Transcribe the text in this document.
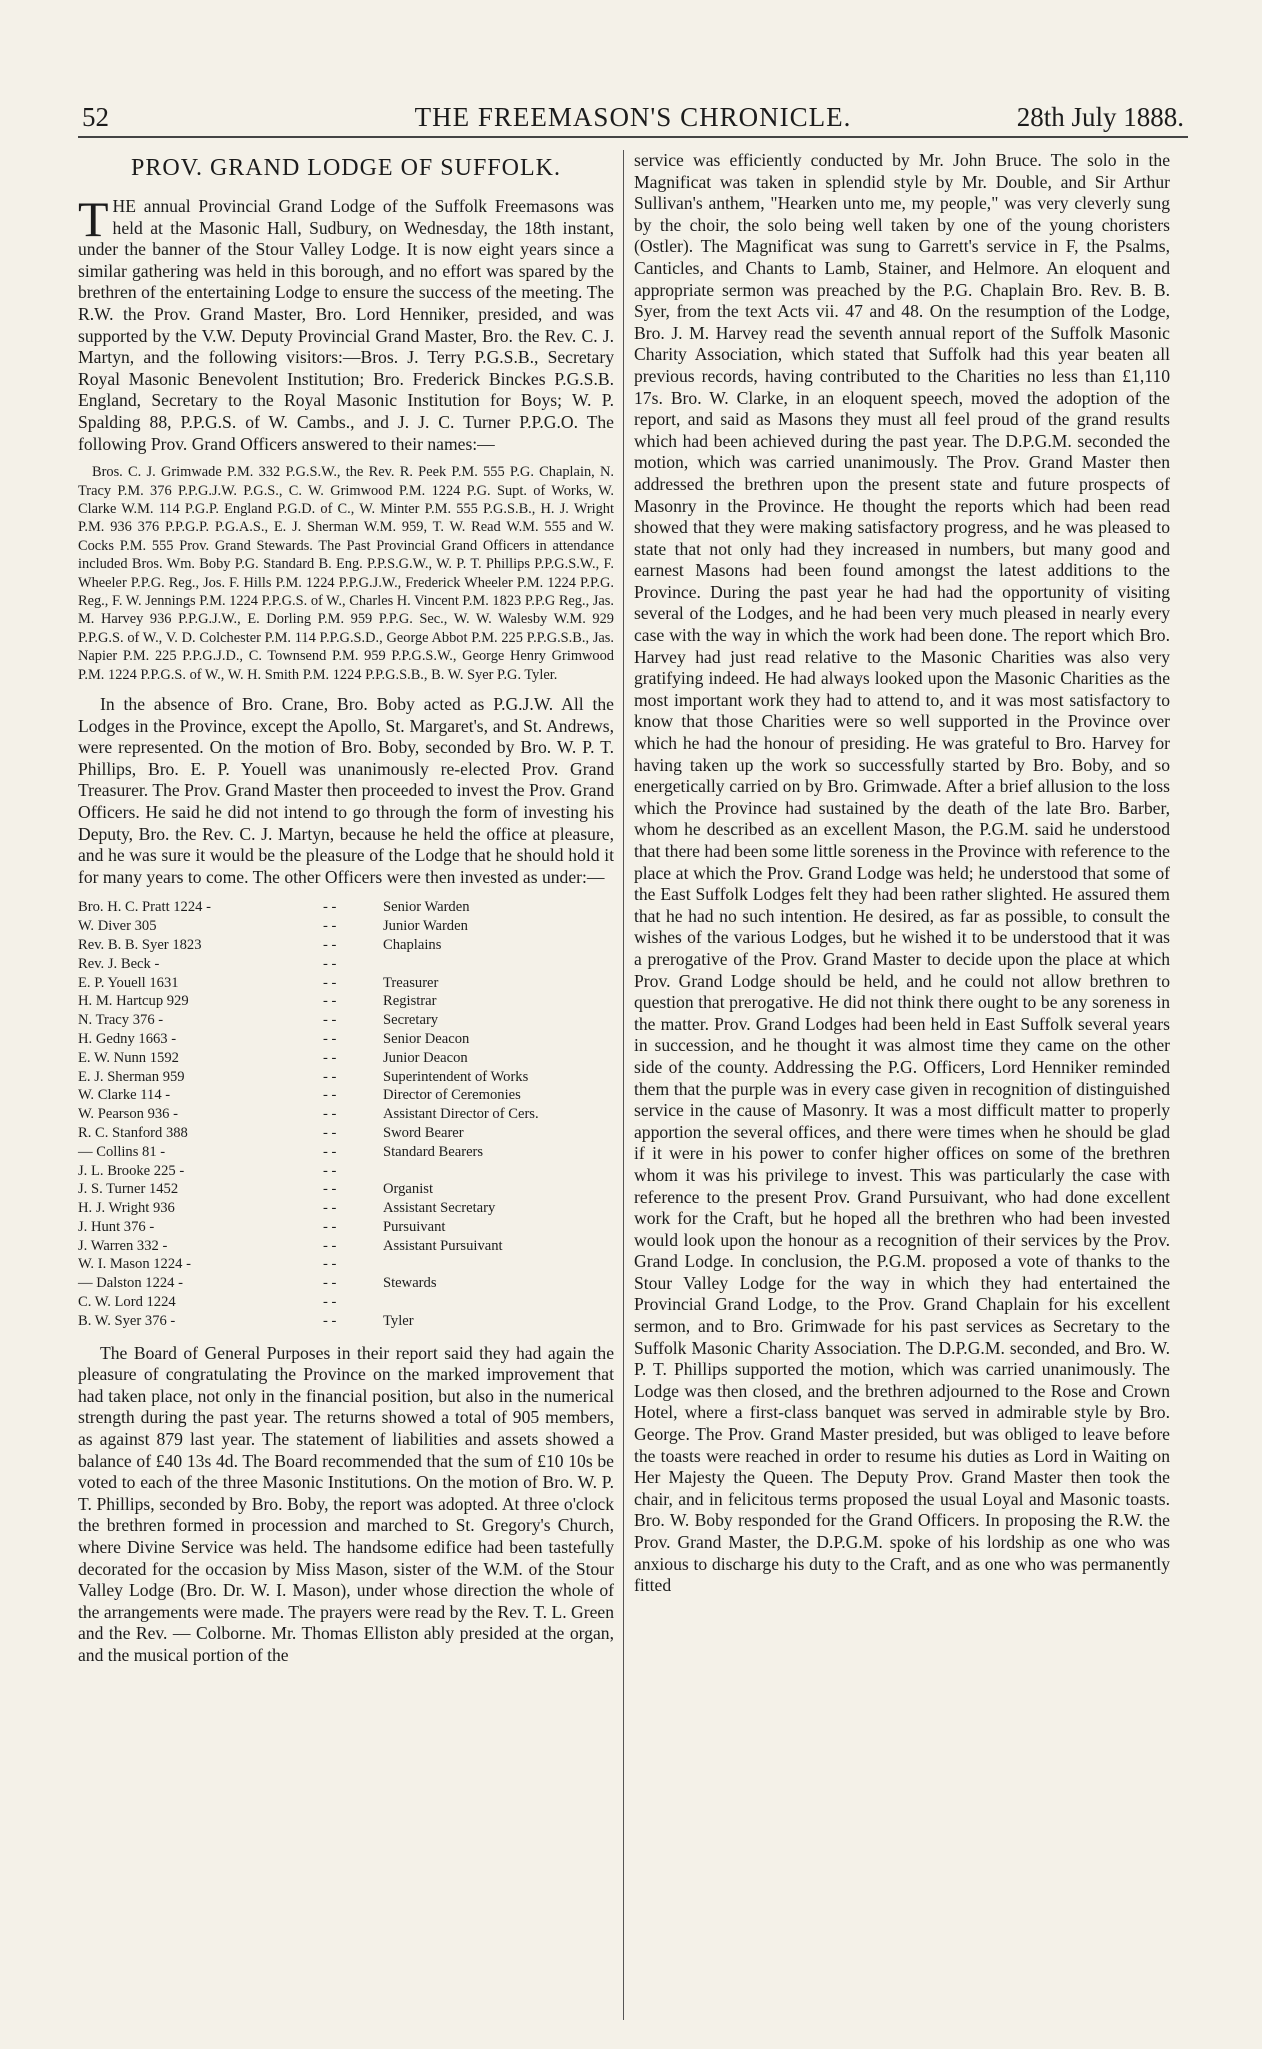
52	THE FREEMASON'S CHRONICLE.	28th July 1888.
PROV. GRAND LODGE OF SUFFOLK.

THE annual Provincial Grand Lodge of the Suffolk Freemasons was held at the Masonic Hall, Sudbury, on Wednesday, the 18th instant, under the banner of the Stour Valley Lodge. It is now eight years since a similar gathering was held in this borough, and no effort was spared by the brethren of the entertaining Lodge to ensure the success of the meeting. The R.W. the Prov. Grand Master, Bro. Lord Henniker, presided, and was supported by the V.W. Deputy Provincial Grand Master, Bro. the Rev. C. J. Martyn, and the following visitors:—Bros. J. Terry P.G.S.B., Secretary Royal Masonic Benevolent Institution; Bro. Frederick Binckes P.G.S.B. England, Secretary to the Royal Masonic Institution for Boys; W. P. Spalding 88, P.P.G.S. of W. Cambs., and J. J. C. Turner P.P.G.O. The following Prov. Grand Officers answered to their names:—

Bros. C. J. Grimwade P.M. 332 P.G.S.W., the Rev. R. Peek P.M. 555 P.G. Chaplain, N. Tracy P.M. 376 P.P.G.J.W. P.G.S., C. W. Grimwood P.M. 1224 P.G. Supt. of Works, W. Clarke W.M. 114 P.G.P. England P.G.D. of C., W. Minter P.M. 555 P.G.S.B., H. J. Wright P.M. 936 376 P.P.G.P. P.G.A.S., E. J. Sherman W.M. 959, T. W. Read W.M. 555 and W. Cocks P.M. 555 Prov. Grand Stewards. The Past Provincial Grand Officers in attendance included Bros. Wm. Boby P.G. Standard B. Eng. P.P.S.G.W., W. P. T. Phillips P.P.G.S.W., F. Wheeler P.P.G. Reg., Jos. F. Hills P.M. 1224 P.P.G.J.W., Frederick Wheeler P.M. 1224 P.P.G. Reg., F. W. Jennings P.M. 1224 P.P.G.S. of W., Charles H. Vincent P.M. 1823 P.P.G Reg., Jas. M. Harvey 936 P.P.G.J.W., E. Dorling P.M. 959 P.P.G. Sec., W. W. Walesby W.M. 929 P.P.G.S. of W., V. D. Colchester P.M. 114 P.P.G.S.D., George Abbot P.M. 225 P.P.G.S.B., Jas. Napier P.M. 225 P.P.G.J.D., C. Townsend P.M. 959 P.P.G.S.W., George Henry Grimwood P.M. 1224 P.P.G.S. of W., W. H. Smith P.M. 1224 P.P.G.S.B., B. W. Syer P.G. Tyler.

In the absence of Bro. Crane, Bro. Boby acted as P.G.J.W. All the Lodges in the Province, except the Apollo, St. Margaret's, and St. Andrews, were represented. On the motion of Bro. Boby, seconded by Bro. W. P. T. Phillips, Bro. E. P. Youell was unanimously re-elected Prov. Grand Treasurer. The Prov. Grand Master then proceeded to invest the Prov. Grand Officers. He said he did not intend to go through the form of investing his Deputy, Bro. the Rev. C. J. Martyn, because he held the office at pleasure, and he was sure it would be the pleasure of the Lodge that he should hold it for many years to come. The other Officers were then invested as under:—

Bro. H. C. Pratt 1224 -	- -	Senior Warden
W. Diver 305	- -	Junior Warden
Rev. B. B. Syer 1823	- -	Chaplains
Rev. J. Beck -	- -
E. P. Youell 1631	- -	Treasurer
H. M. Hartcup 929	- -	Registrar
N. Tracy 376 -	- -	Secretary
H. Gedny 1663 -	- -	Senior Deacon
E. W. Nunn 1592	- -	Junior Deacon
E. J. Sherman 959	- -	Superintendent of Works
W. Clarke 114 -	- -	Director of Ceremonies
W. Pearson 936 -	- -	Assistant Director of Cers.
R. C. Stanford 388	- -	Sword Bearer
— Collins 81 -	- -	Standard Bearers
J. L. Brooke 225 -	- -
J. S. Turner 1452	- -	Organist
H. J. Wright 936	- -	Assistant Secretary
J. Hunt 376 -	- -	Pursuivant
J. Warren 332 -	- -	Assistant Pursuivant
W. I. Mason 1224 -	- -
— Dalston 1224 -	- -	Stewards
C. W. Lord 1224	- -
B. W. Syer 376 -	- -	Tyler

The Board of General Purposes in their report said they had again the pleasure of congratulating the Province on the marked improvement that had taken place, not only in the financial position, but also in the numerical strength during the past year. The returns showed a total of 905 members, as against 879 last year. The statement of liabilities and assets showed a balance of £40 13s 4d. The Board recommended that the sum of £10 10s be voted to each of the three Masonic Institutions. On the motion of Bro. W. P. T. Phillips, seconded by Bro. Boby, the report was adopted. At three o'clock the brethren formed in procession and marched to St. Gregory's Church, where Divine Service was held. The handsome edifice had been tastefully decorated for the occasion by Miss Mason, sister of the W.M. of the Stour Valley Lodge (Bro. Dr. W. I. Mason), under whose direction the whole of the arrangements were made. The prayers were read by the Rev. T. L. Green and the Rev. — Colborne. Mr. Thomas Elliston ably presided at the organ, and the musical portion of the

service was efficiently conducted by Mr. John Bruce. The solo in the Magnificat was taken in splendid style by Mr. Double, and Sir Arthur Sullivan's anthem, "Hearken unto me, my people," was very cleverly sung by the choir, the solo being well taken by one of the young choristers (Ostler). The Magnificat was sung to Garrett's service in F, the Psalms, Canticles, and Chants to Lamb, Stainer, and Helmore. An eloquent and appropriate sermon was preached by the P.G. Chaplain Bro. Rev. B. B. Syer, from the text Acts vii. 47 and 48. On the resumption of the Lodge, Bro. J. M. Harvey read the seventh annual report of the Suffolk Masonic Charity Association, which stated that Suffolk had this year beaten all previous records, having contributed to the Charities no less than £1,110 17s. Bro. W. Clarke, in an eloquent speech, moved the adoption of the report, and said as Masons they must all feel proud of the grand results which had been achieved during the past year. The D.P.G.M. seconded the motion, which was carried unanimously. The Prov. Grand Master then addressed the brethren upon the present state and future prospects of Masonry in the Province. He thought the reports which had been read showed that they were making satisfactory progress, and he was pleased to state that not only had they increased in numbers, but many good and earnest Masons had been found amongst the latest additions to the Province. During the past year he had had the opportunity of visiting several of the Lodges, and he had been very much pleased in nearly every case with the way in which the work had been done. The report which Bro. Harvey had just read relative to the Masonic Charities was also very gratifying indeed. He had always looked upon the Masonic Charities as the most important work they had to attend to, and it was most satisfactory to know that those Charities were so well supported in the Province over which he had the honour of presiding. He was grateful to Bro. Harvey for having taken up the work so successfully started by Bro. Boby, and so energetically carried on by Bro. Grimwade. After a brief allusion to the loss which the Province had sustained by the death of the late Bro. Barber, whom he described as an excellent Mason, the P.G.M. said he understood that there had been some little soreness in the Province with reference to the place at which the Prov. Grand Lodge was held; he understood that some of the East Suffolk Lodges felt they had been rather slighted. He assured them that he had no such intention. He desired, as far as possible, to consult the wishes of the various Lodges, but he wished it to be understood that it was a prerogative of the Prov. Grand Master to decide upon the place at which Prov. Grand Lodge should be held, and he could not allow brethren to question that prerogative. He did not think there ought to be any soreness in the matter. Prov. Grand Lodges had been held in East Suffolk several years in succession, and he thought it was almost time they came on the other side of the county. Addressing the P.G. Officers, Lord Henniker reminded them that the purple was in every case given in recognition of distinguished service in the cause of Masonry. It was a most difficult matter to properly apportion the several offices, and there were times when he should be glad if it were in his power to confer higher offices on some of the brethren whom it was his privilege to invest. This was particularly the case with reference to the present Prov. Grand Pursuivant, who had done excellent work for the Craft, but he hoped all the brethren who had been invested would look upon the honour as a recognition of their services by the Prov. Grand Lodge. In conclusion, the P.G.M. proposed a vote of thanks to the Stour Valley Lodge for the way in which they had entertained the Provincial Grand Lodge, to the Prov. Grand Chaplain for his excellent sermon, and to Bro. Grimwade for his past services as Secretary to the Suffolk Masonic Charity Association. The D.P.G.M. seconded, and Bro. W. P. T. Phillips supported the motion, which was carried unanimously. The Lodge was then closed, and the brethren adjourned to the Rose and Crown Hotel, where a first-class banquet was served in admirable style by Bro. George. The Prov. Grand Master presided, but was obliged to leave before the toasts were reached in order to resume his duties as Lord in Waiting on Her Majesty the Queen. The Deputy Prov. Grand Master then took the chair, and in felicitous terms proposed the usual Loyal and Masonic toasts. Bro. W. Boby responded for the Grand Officers. In proposing the R.W. the Prov. Grand Master, the D.P.G.M. spoke of his lordship as one who was anxious to discharge his duty to the Craft, and as one who was permanently fitted
